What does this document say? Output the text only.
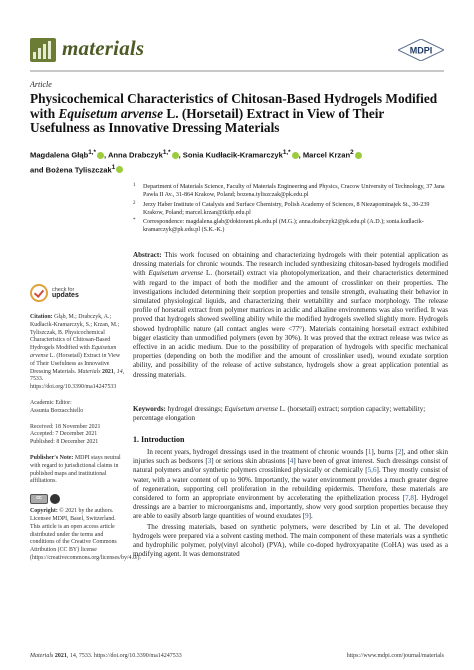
materials	MDPI
Article
Physicochemical Characteristics of Chitosan-Based Hydrogels Modified with Equisetum arvense L. (Horsetail) Extract in View of Their Usefulness as Innovative Dressing Materials
Magdalena Głąb$^{1,*}$ , Anna Drabczyk$^{1,*}$ , Sonia Kudłacik-Kramarczyk$^{1,*}$ , Marcel Krzan$^2$
and Bożena Tyliszczak$^1$
1 Department of Materials Science, Faculty of Materials Engineering and Physics, Cracow University of Technology, 37 Jana Pawła II Av., 31-864 Krakow, Poland; bozena.tyliszczak@pk.edu.pl
2 Jerzy Haber Institute of Catalysis and Surface Chemistry, Polish Academy of Sciences, 8 Niezapominajek St., 30-239 Krakow, Poland; marcel.krzan@ikifp.edu.pl
* Correspondence: magdalena.glab@doktorant.pk.edu.pl (M.G.); anna.drabczyk2@pk.edu.pl (A.D.); sonia.kudlacik-kramarczyk@pk.edu.pl (S.K.-K.)
Abstract: This work focused on obtaining and characterizing hydrogels with their potential application as dressing materials for chronic wounds. The research included synthesizing chitosan-based hydrogels modified with Equisetum arvense L. (horsetail) extract via photopolymerization, and their characteristics determined with regard to the impact of both the modifier and the amount of crosslinker on their properties. The investigations included determining their sorption properties and tensile strength, evaluating their behavior in simulated physiological liquids, and characterizing their wettability and surface morphology. The release profile of horsetail extract from polymer matrices in acidic and alkaline environments was also verified. It was proved that hydrogels showed swelling ability while the modified hydrogels swelled slightly more. Hydrogels showed hydrophilic nature (all contact angles were <77°). Materials containing horsetail extract exhibited bigger elasticity than unmodified polymers (even by 30%). It was proved that the extract release was twice as effective in an acidic medium. Due to the possibility of preparation of hydrogels with specific mechanical properties (depending on both the modifier and the amount of crosslinker used), wound exudate sorption ability, and possibility of the release of active substance, hydrogels show a great application potential as dressing materials.
Keywords: hydrogel dressings; Equisetum arvense L. (horsetail) extract; sorption capacity; wettability; percentage elongation
check for
updates
Citation: Głąb, M.; Drabczyk, A.; Kudłacik-Kramarczyk, S.; Krzan, M.; Tyliszczak, B. Physicochemical Characteristics of Chitosan-Based Hydrogels Modified with Equisetum arvense L. (Horsetail) Extract in View of Their Usefulness as Innovative Dressing Materials. Materials 2021, 14, 7533. https://doi.org/10.3390/ma14247533
Academic Editor:
Assunta Borzacchiello
Received: 18 November 2021
Accepted: 7 December 2021
Published: 8 December 2021
Publisher's Note: MDPI stays neutral with regard to jurisdictional claims in published maps and institutional affiliations.
cc
Copyright: © 2021 by the authors. Licensee MDPI, Basel, Switzerland. This article is an open access article distributed under the terms and conditions of the Creative Commons Attribution (CC BY) license (https://creativecommons.org/licenses/by/4.0/).
1. Introduction

In recent years, hydrogel dressings used in the treatment of chronic wounds [1], burns [2], and other skin injuries such as bedsores [3] or serious skin abrasions [4] have been of great interest. Such dressings consist of natural polymers and/or synthetic polymers crosslinked physically or chemically [5,6]. They mostly consist of water, with a water content of up to 90%. Importantly, the water environment provides a much greater degree of regeneration, supporting cell proliferation in the rebuilding epidermis. Therefore, these materials are considered to form an appropriate environment by accelerating the epithelization process [7,8]. Hydrogel dressings are a barrier to microorganisms and, importantly, show very good sorption properties because they are able to easily absorb large quantities of wound exudates [9].

The dressing materials, based on synthetic polymers, were described by Lin et al. The developed hydrogels were prepared via a solvent casting method. The main component of these materials was a synthetic and hydrophilic polymer, poly(vinyl alcohol) (PVA), while co-doped hydroxyapatite (CoHA) was used as a modifying agent. It was demonstrated

Materials 2021, 14, 7533. https://doi.org/10.3390/ma14247533	https://www.mdpi.com/journal/materials
